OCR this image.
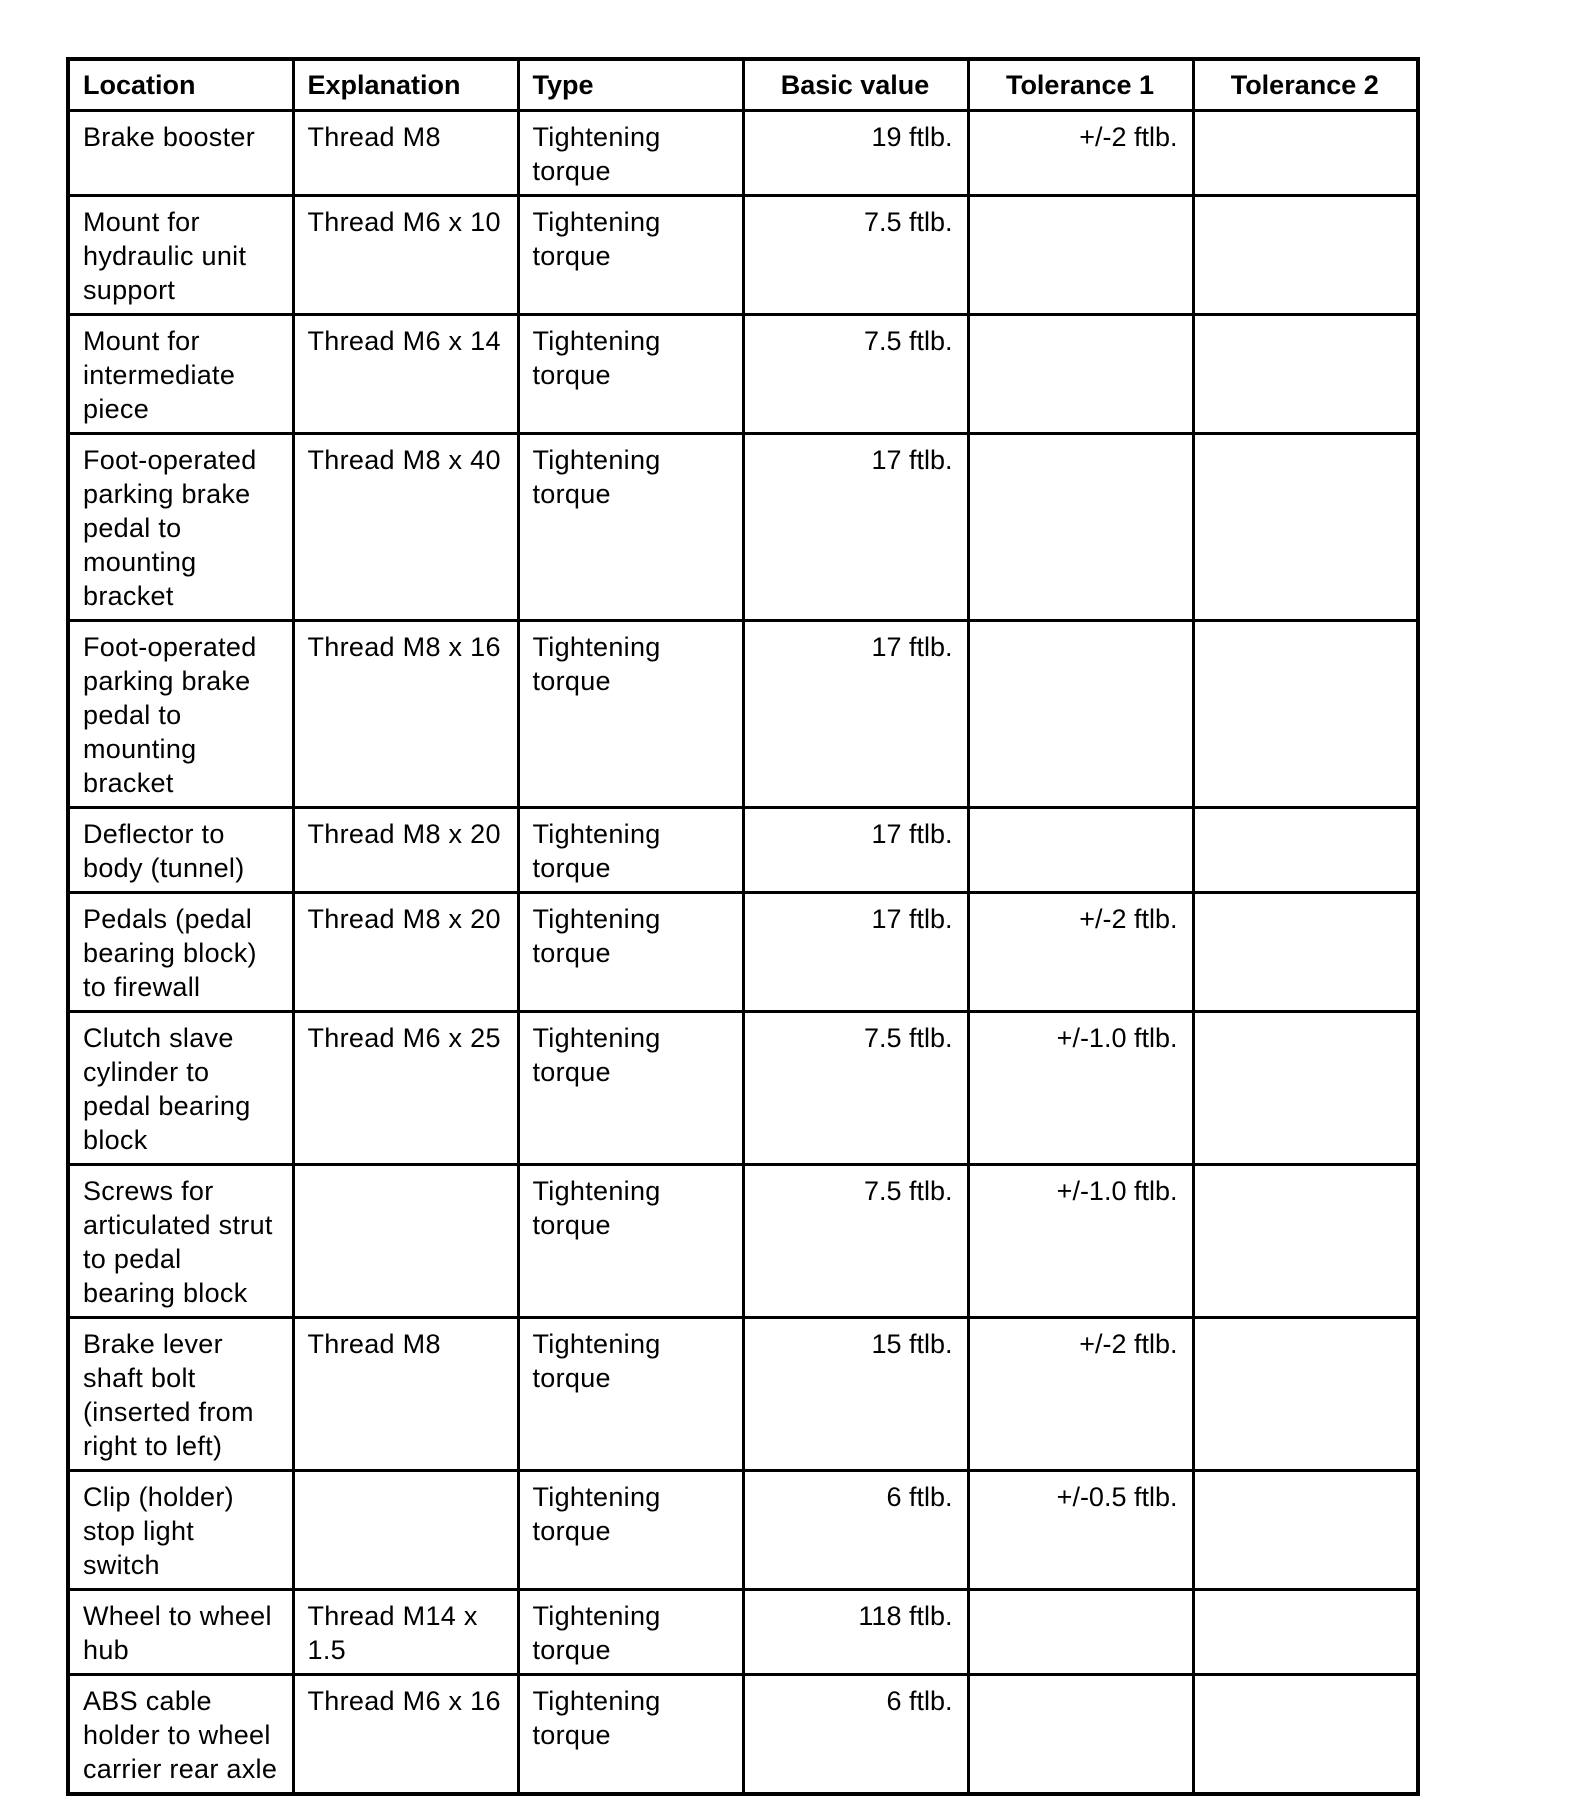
Location	Explanation	Type	Basic value	Tolerance 1	Tolerance 2
Brake booster	Thread M8	Tightening torque	19 ftlb.	+/-2 ftlb.	
Mount for hydraulic unit support	Thread M6 x 10	Tightening torque	7.5 ftlb.		
Mount for intermediate piece	Thread M6 x 14	Tightening torque	7.5 ftlb.		
Foot-operated parking brake pedal to mounting bracket	Thread M8 x 40	Tightening torque	17 ftlb.		
Foot-operated parking brake pedal to mounting bracket	Thread M8 x 16	Tightening torque	17 ftlb.		
Deflector to body (tunnel)	Thread M8 x 20	Tightening torque	17 ftlb.		
Pedals (pedal bearing block) to firewall	Thread M8 x 20	Tightening torque	17 ftlb.	+/-2 ftlb.	
Clutch slave cylinder to pedal bearing block	Thread M6 x 25	Tightening torque	7.5 ftlb.	+/-1.0 ftlb.	
Screws for articulated strut to pedal bearing block		Tightening torque	7.5 ftlb.	+/-1.0 ftlb.	
Brake lever shaft bolt (inserted from right to left)	Thread M8	Tightening torque	15 ftlb.	+/-2 ftlb.	
Clip (holder) stop light switch		Tightening torque	6 ftlb.	+/-0.5 ftlb.	
Wheel to wheel hub	Thread M14 x 1.5	Tightening torque	118 ftlb.		
ABS cable holder to wheel carrier rear axle	Thread M6 x 16	Tightening torque	6 ftlb.		
